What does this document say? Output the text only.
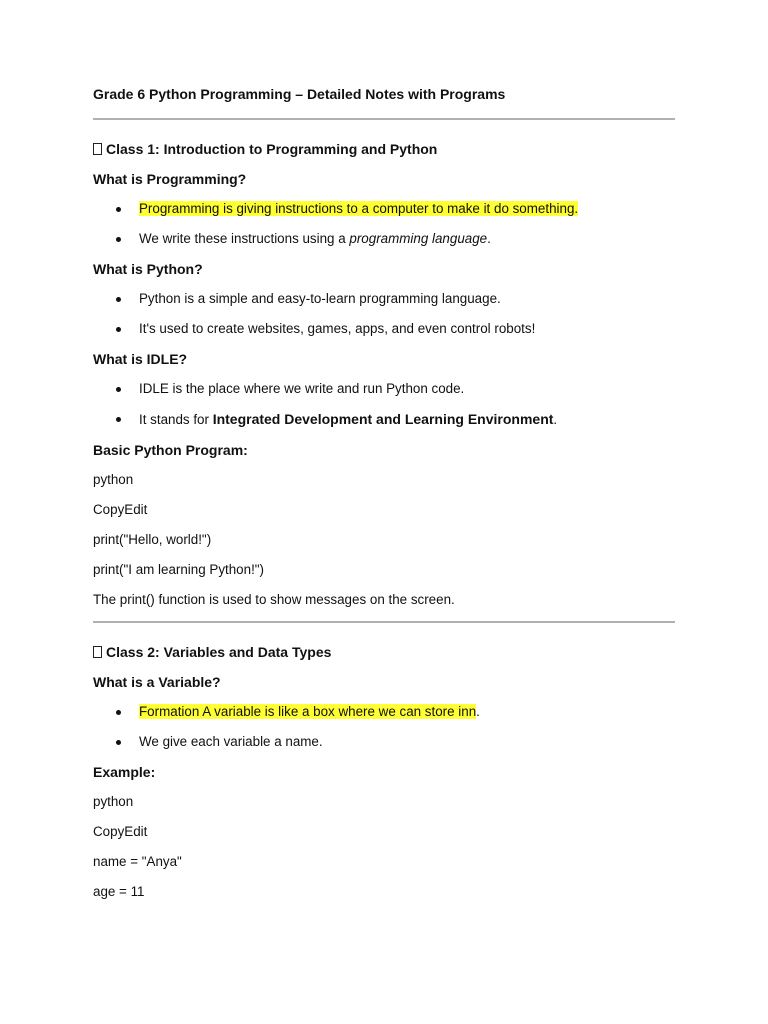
Grade 6 Python Programming – Detailed Notes with Programs

Class 1: Introduction to Programming and Python

What is Programming?

Programming is giving instructions to a computer to make it do something.
We write these instructions using a programming language.

What is Python?

Python is a simple and easy-to-learn programming language.
It's used to create websites, games, apps, and even control robots!

What is IDLE?

IDLE is the place where we write and run Python code.
It stands for Integrated Development and Learning Environment.

Basic Python Program:

python

CopyEdit

print("Hello, world!")

print("I am learning Python!")

The print() function is used to show messages on the screen.

Class 2: Variables and Data Types

What is a Variable?

Formation A variable is like a box where we can store inn.
We give each variable a name.

Example:

python

CopyEdit

name = "Anya"

age = 11
